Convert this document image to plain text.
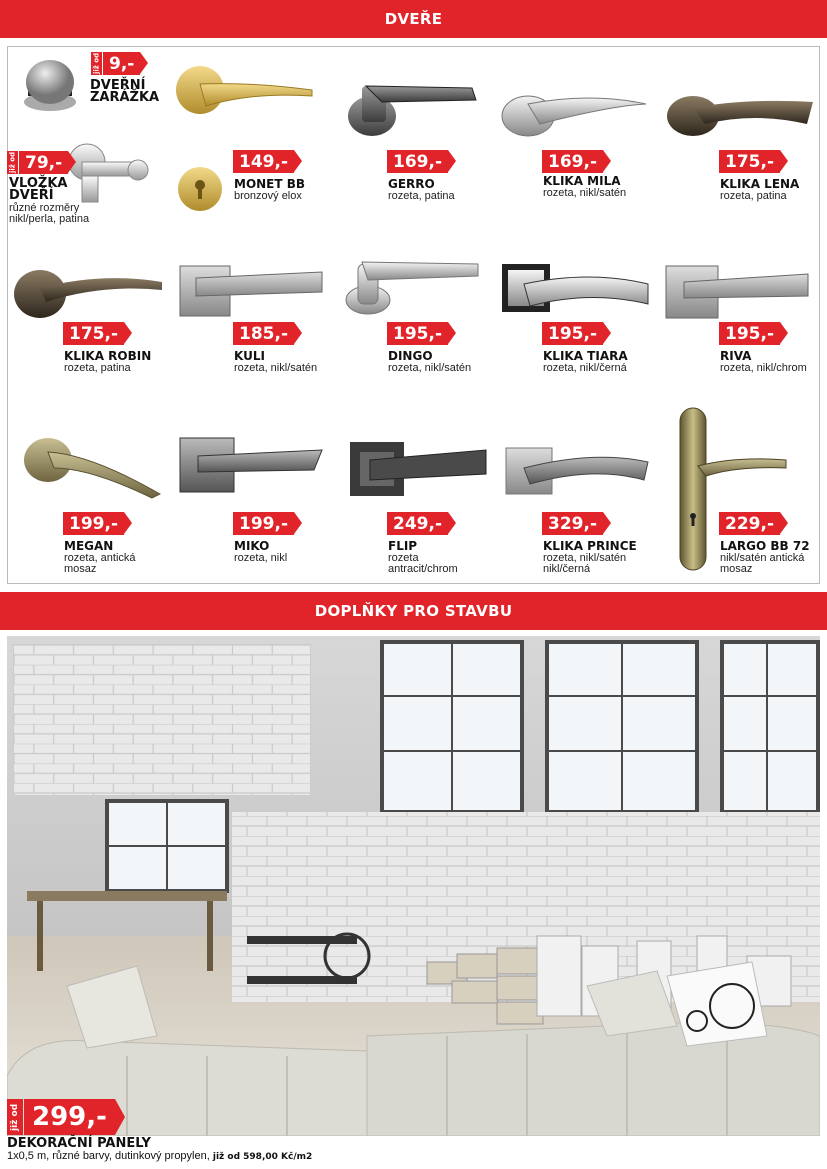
DVEŘE
již od 9,-
DVEŘNÍ ZARÁŽKA
již od 79,-
VLOŽKA DVEŘÍ
různé rozměry nikl/perla, patina
149,-
MONET BB
bronzový elox
169,-
GERRO
rozeta, patina
169,-
KLIKA MILA
rozeta, nikl/satén
175,-
KLIKA LENA
rozeta, patina
175,-
KLIKA ROBIN
rozeta, patina
185,-
KULI
rozeta, nikl/satén
195,-
DINGO
rozeta, nikl/satén
195,-
KLIKA TIARA
rozeta, nikl/černá
195,-
RIVA
rozeta, nikl/chrom
199,-
MEGAN
rozeta, antická mosaz
199,-
MIKO
rozeta, nikl
249,-
FLIP
rozeta antracit/chrom
329,-
KLIKA PRINCE
rozeta, nikl/satén nikl/černá
229,-
LARGO BB 72
nikl/satén antická mosaz
DOPLŇKY PRO STAVBU
již od 299,-
DEKORAČNÍ PANELY
1x0,5 m, různé barvy, dutinkový propylen, již od 598,00 Kč/m2
